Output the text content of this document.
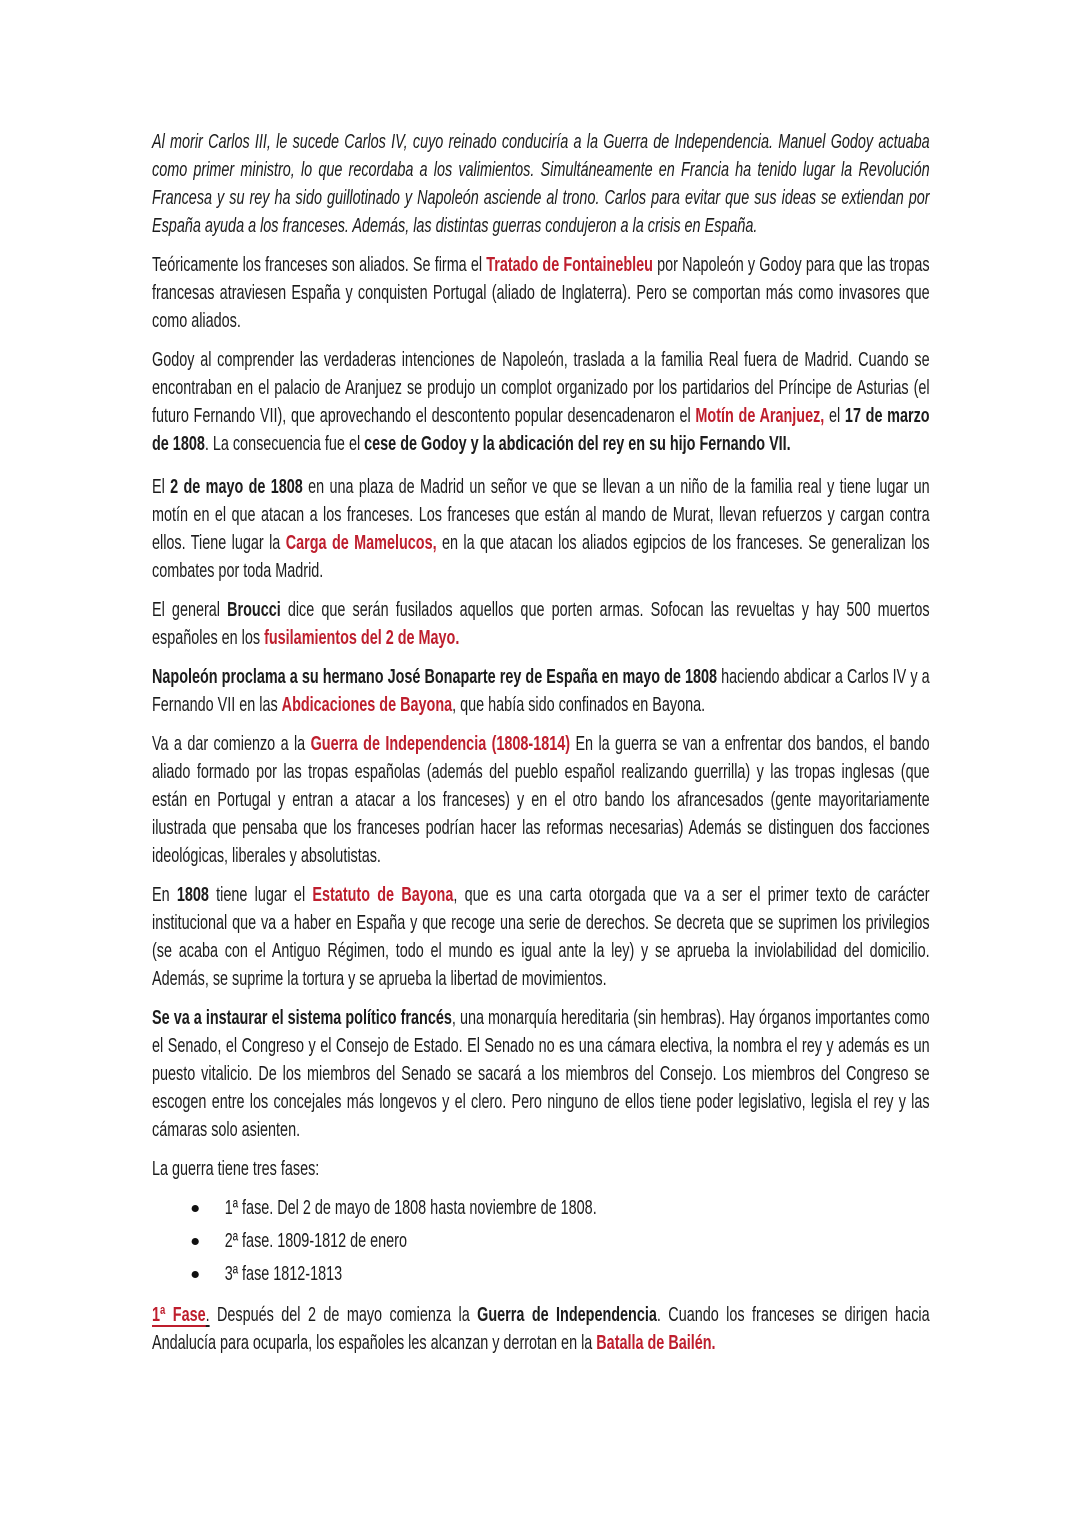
Al morir Carlos III, le sucede Carlos IV, cuyo reinado conduciría a la Guerra de Independencia. Manuel Godoy actuaba como primer ministro, lo que recordaba a los valimientos. Simultáneamente en Francia ha tenido lugar la Revolución Francesa y su rey ha sido guillotinado y Napoleón asciende al trono. Carlos para evitar que sus ideas se extiendan por España ayuda a los franceses. Además, las distintas guerras condujeron a la crisis en España.

Teóricamente los franceses son aliados. Se firma el Tratado de Fontainebleu por Napoleón y Godoy para que las tropas francesas atraviesen España y conquisten Portugal (aliado de Inglaterra). Pero se comportan más como invasores que como aliados.

Godoy al comprender las verdaderas intenciones de Napoleón, traslada a la familia Real fuera de Madrid. Cuando se encontraban en el palacio de Aranjuez se produjo un complot organizado por los partidarios del Príncipe de Asturias (el futuro Fernando VII), que aprovechando el descontento popular desencadenaron el Motín de Aranjuez, el 17 de marzo de 1808. La consecuencia fue el cese de Godoy y la abdicación del rey en su hijo Fernando VII.

El 2 de mayo de 1808 en una plaza de Madrid un señor ve que se llevan a un niño de la familia real y tiene lugar un motín en el que atacan a los franceses. Los franceses que están al mando de Murat, llevan refuerzos y cargan contra ellos. Tiene lugar la Carga de Mamelucos, en la que atacan los aliados egipcios de los franceses. Se generalizan los combates por toda Madrid.

El general Broucci dice que serán fusilados aquellos que porten armas. Sofocan las revueltas y hay 500 muertos españoles en los fusilamientos del 2 de Mayo.

Napoleón proclama a su hermano José Bonaparte rey de España en mayo de 1808 haciendo abdicar a Carlos IV y a Fernando VII en las Abdicaciones de Bayona, que había sido confinados en Bayona.

Va a dar comienzo a la Guerra de Independencia (1808-1814) En la guerra se van a enfrentar dos bandos, el bando aliado formado por las tropas españolas (además del pueblo español realizando guerrilla) y las tropas inglesas (que están en Portugal y entran a atacar a los franceses) y en el otro bando los afrancesados (gente mayoritariamente ilustrada que pensaba que los franceses podrían hacer las reformas necesarias) Además se distinguen dos facciones ideológicas, liberales y absolutistas.

En 1808 tiene lugar el Estatuto de Bayona, que es una carta otorgada que va a ser el primer texto de carácter institucional que va a haber en España y que recoge una serie de derechos. Se decreta que se suprimen los privilegios (se acaba con el Antiguo Régimen, todo el mundo es igual ante la ley) y se aprueba la inviolabilidad del domicilio. Además, se suprime la tortura y se aprueba la libertad de movimientos.

Se va a instaurar el sistema político francés, una monarquía hereditaria (sin hembras). Hay órganos importantes como el Senado, el Congreso y el Consejo de Estado. El Senado no es una cámara electiva, la nombra el rey y además es un puesto vitalicio. De los miembros del Senado se sacará a los miembros del Consejo. Los miembros del Congreso se escogen entre los concejales más longevos y el clero. Pero ninguno de ellos tiene poder legislativo, legisla el rey y las cámaras solo asienten.

La guerra tiene tres fases:

1ª fase. Del 2 de mayo de 1808 hasta noviembre de 1808.
2ª fase. 1809-1812 de enero
3ª fase 1812-1813

1ª Fase. Después del 2 de mayo comienza la Guerra de Independencia. Cuando los franceses se dirigen hacia Andalucía para ocuparla, los españoles les alcanzan y derrotan en la Batalla de Bailén.
